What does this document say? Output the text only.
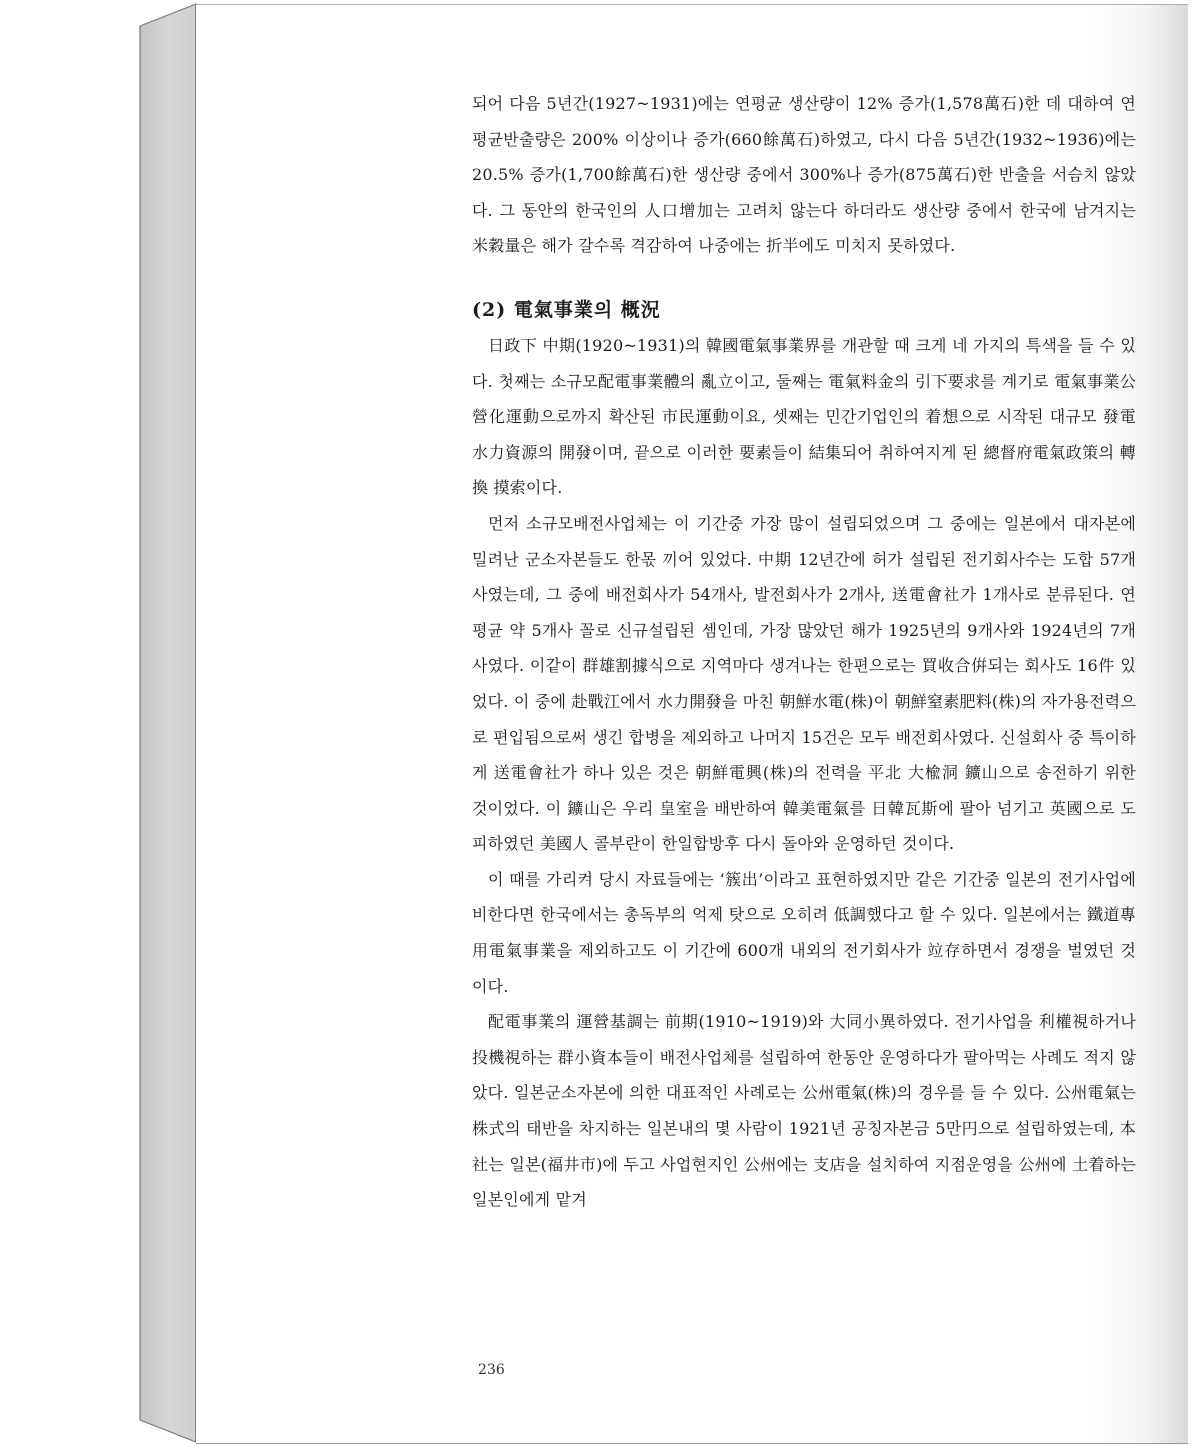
되어 다음 5년간(1927~1931)에는 연평균 생산량이 12% 증가(1,578萬石)한 데 대하여 연평균반출량은 200% 이상이나 증가(660餘萬石)하였고, 다시 다음 5년간(1932~1936)에는 20.5% 증가(1,700餘萬石)한 생산량 중에서 300%나 증가(875萬石)한 반출을 서슴치 않았다. 그 동안의 한국인의 人口增加는 고려치 않는다 하더라도 생산량 중에서 한국에 남겨지는 米穀量은 해가 갈수록 격감하여 나중에는 折半에도 미치지 못하였다.

(2) 電氣事業의 概況

日政下 中期(1920~1931)의 韓國電氣事業界를 개관할 때 크게 네 가지의 특색을 들 수 있다. 첫째는 소규모配電事業體의 亂立이고, 둘째는 電氣料金의 引下要求를 계기로 電氣事業公營化運動으로까지 확산된 市民運動이요, 셋째는 민간기업인의 着想으로 시작된 대규모 發電水力資源의 開發이며, 끝으로 이러한 要素들이 結集되어 취하여지게 된 總督府電氣政策의 轉換 摸索이다.

먼저 소규모배전사업체는 이 기간중 가장 많이 설립되었으며 그 중에는 일본에서 대자본에 밀려난 군소자본들도 한몫 끼어 있었다. 中期 12년간에 허가 설립된 전기회사수는 도합 57개사였는데, 그 중에 배전회사가 54개사, 발전회사가 2개사, 送電會社가 1개사로 분류된다. 연평균 약 5개사 꼴로 신규설립된 셈인데, 가장 많았던 해가 1925년의 9개사와 1924년의 7개사였다. 이같이 群雄割據식으로 지역마다 생겨나는 한편으로는 買收合倂되는 회사도 16件 있었다. 이 중에 赴戰江에서 水力開發을 마친 朝鮮水電(株)이 朝鮮窒素肥料(株)의 자가용전력으로 편입됨으로써 생긴 합병을 제외하고 나머지 15건은 모두 배전회사였다. 신설회사 중 특이하게 送電會社가 하나 있은 것은 朝鮮電興(株)의 전력을 平北 大楡洞 鑛山으로 송전하기 위한 것이었다. 이 鑛山은 우리 皇室을 배반하여 韓美電氣를 日韓瓦斯에 팔아 넘기고 英國으로 도피하였던 美國人 콜부란이 한일합방후 다시 돌아와 운영하던 것이다.

이 때를 가리켜 당시 자료들에는 ‘簇出’이라고 표현하였지만 같은 기간중 일본의 전기사업에 비한다면 한국에서는 총독부의 억제 탓으로 오히려 低調했다고 할 수 있다. 일본에서는 鐵道專用電氣事業을 제외하고도 이 기간에 600개 내외의 전기회사가 竝存하면서 경쟁을 벌였던 것이다.

配電事業의 運營基調는 前期(1910~1919)와 大同小異하였다. 전기사업을 利權視하거나 投機視하는 群小資本들이 배전사업체를 설립하여 한동안 운영하다가 팔아먹는 사례도 적지 않았다. 일본군소자본에 의한 대표적인 사례로는 公州電氣(株)의 경우를 들 수 있다. 公州電氣는 株式의 태반을 차지하는 일본내의 몇 사람이 1921년 공칭자본금 5만円으로 설립하였는데, 本社는 일본(福井市)에 두고 사업현지인 公州에는 支店을 설치하여 지점운영을 公州에 土着하는 일본인에게 맡겨

236
